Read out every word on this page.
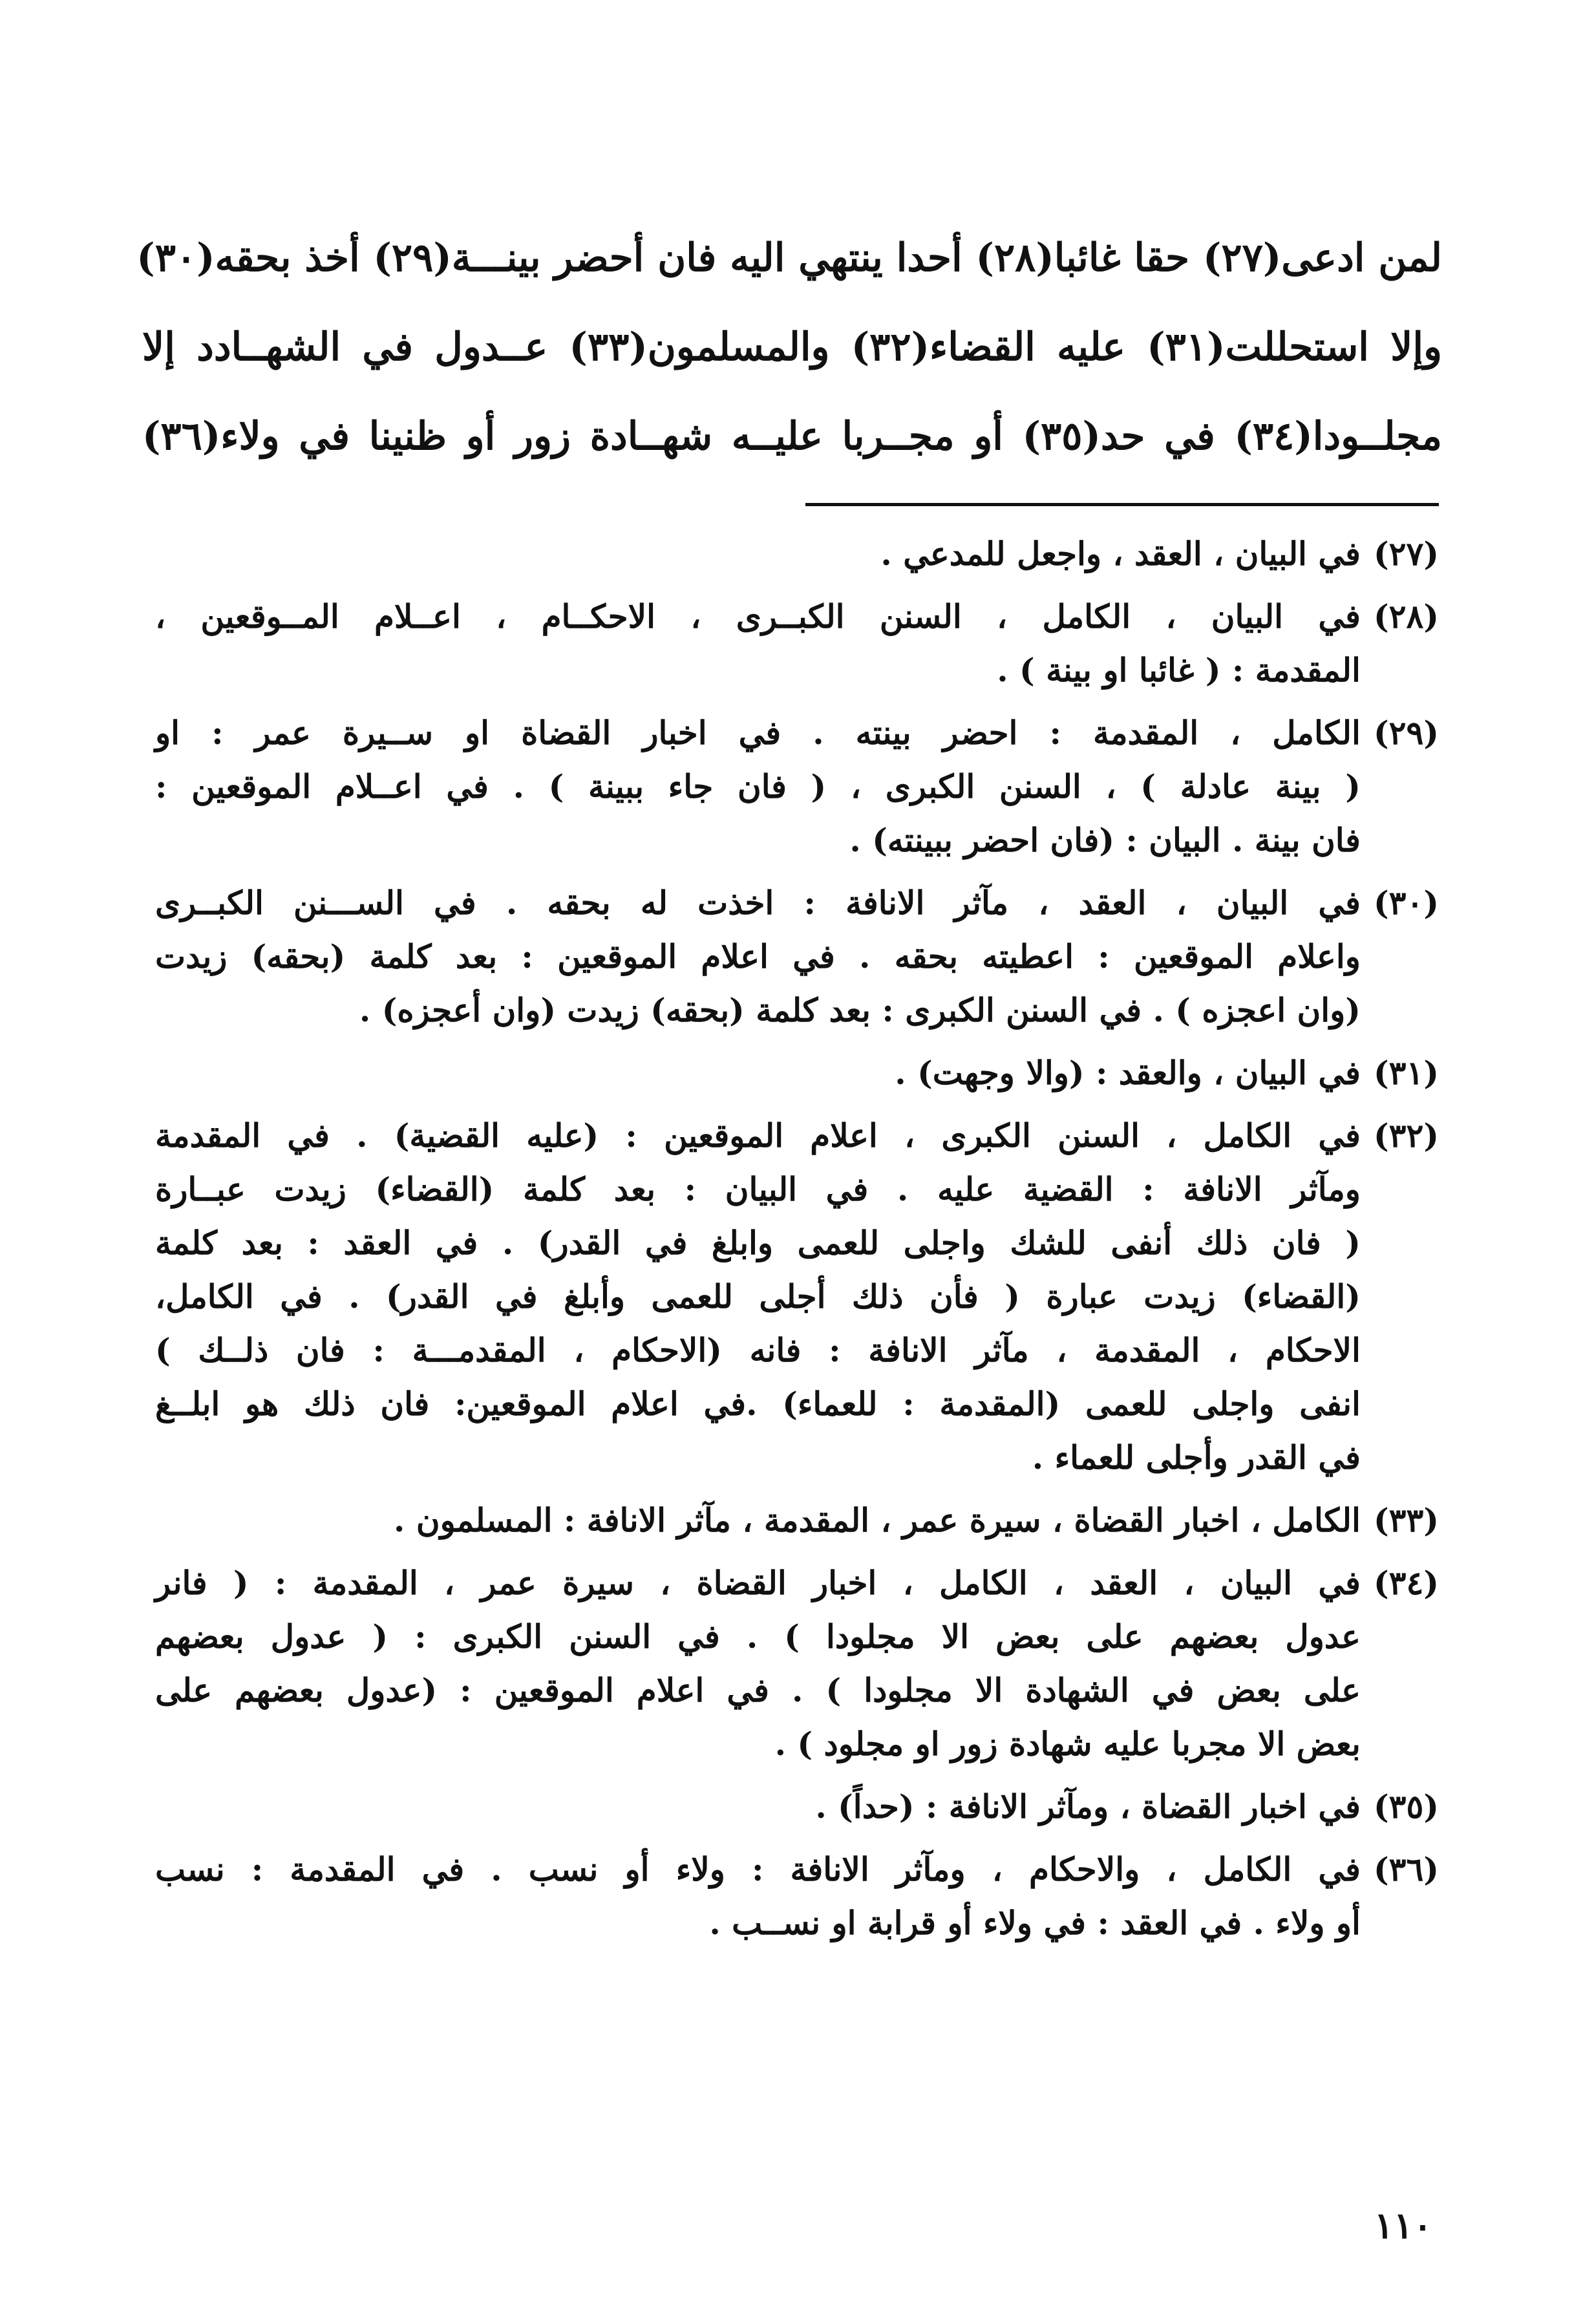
لمن ادعى(٢٧) حقا غائبا(٢٨) أحدا ينتهي اليه فان أحضر بينـــة(٢٩) أخذ بحقه(٣٠)
وإلا استحللت(٣١) عليه القضاء(٣٢) والمسلمون(٣٣) عــدول في الشهــادد إلا
مجلــودا(٣٤) في حد(٣٥) أو مجــربا عليــه شهــادة زور أو ظنينا في ولاء(٣٦)
(٢٧)
في البيان ، العقد ، واجعل للمدعي .
(٢٨)
في البيان ، الكامل ، السنن الكبــرى ، الاحكــام ، اعــلام المــوقعين ،
المقدمة : ( غائبا او بينة ) .
(٢٩)
الكامل ، المقدمة : احضر بينته . في اخبار القضاة او ســيرة عمر : او
( بينة عادلة ) ، السنن الكبرى ، ( فان جاء ببينة ) . في اعــلام الموقعين :
فان بينة . البيان : (فان احضر ببينته) .
(٣٠)
في البيان ، العقد ، مآثر الانافة : اخذت له بحقه . في الســـنن الكبــرى
واعلام الموقعين : اعطيته بحقه . في اعلام الموقعين : بعد كلمة (بحقه) زيدت
(وان اعجزه ) . في السنن الكبرى : بعد كلمة (بحقه) زيدت (وان أعجزه) .
(٣١)
في البيان ، والعقد : (والا وجهت) .
(٣٢)
في الكامل ، السنن الكبرى ، اعلام الموقعين : (عليه القضية) . في المقدمة
ومآثر الانافة : القضية عليه . في البيان : بعد كلمة (القضاء) زيدت عبــارة
( فان ذلك أنفى للشك واجلى للعمى وابلغ في القدر) . في العقد : بعد كلمة
(القضاء) زيدت عبارة ( فأن ذلك أجلى للعمى وأبلغ في القدر) . في الكامل،
الاحكام ، المقدمة ، مآثر الانافة : فانه (الاحكام ، المقدمـــة : فان ذلــك )
انفى واجلى للعمى (المقدمة : للعماء) .في اعلام الموقعين: فان ذلك هو ابلــغ
في القدر وأجلى للعماء .
(٣٣)
الكامل ، اخبار القضاة ، سيرة عمر ، المقدمة ، مآثر الانافة : المسلمون .
(٣٤)
في البيان ، العقد ، الكامل ، اخبار القضاة ، سيرة عمر ، المقدمة : ( فانر
عدول بعضهم على بعض الا مجلودا ) . في السنن الكبرى : ( عدول بعضهم
على بعض في الشهادة الا مجلودا ) . في اعلام الموقعين : (عدول بعضهم على
بعض الا مجربا عليه شهادة زور او مجلود ) .
(٣٥)
في اخبار القضاة ، ومآثر الانافة : (حداً) .
(٣٦)
في الكامل ، والاحكام ، ومآثر الانافة : ولاء أو نسب . في المقدمة : نسب
أو ولاء . في العقد : في ولاء أو قرابة او نســب .
١١٠
